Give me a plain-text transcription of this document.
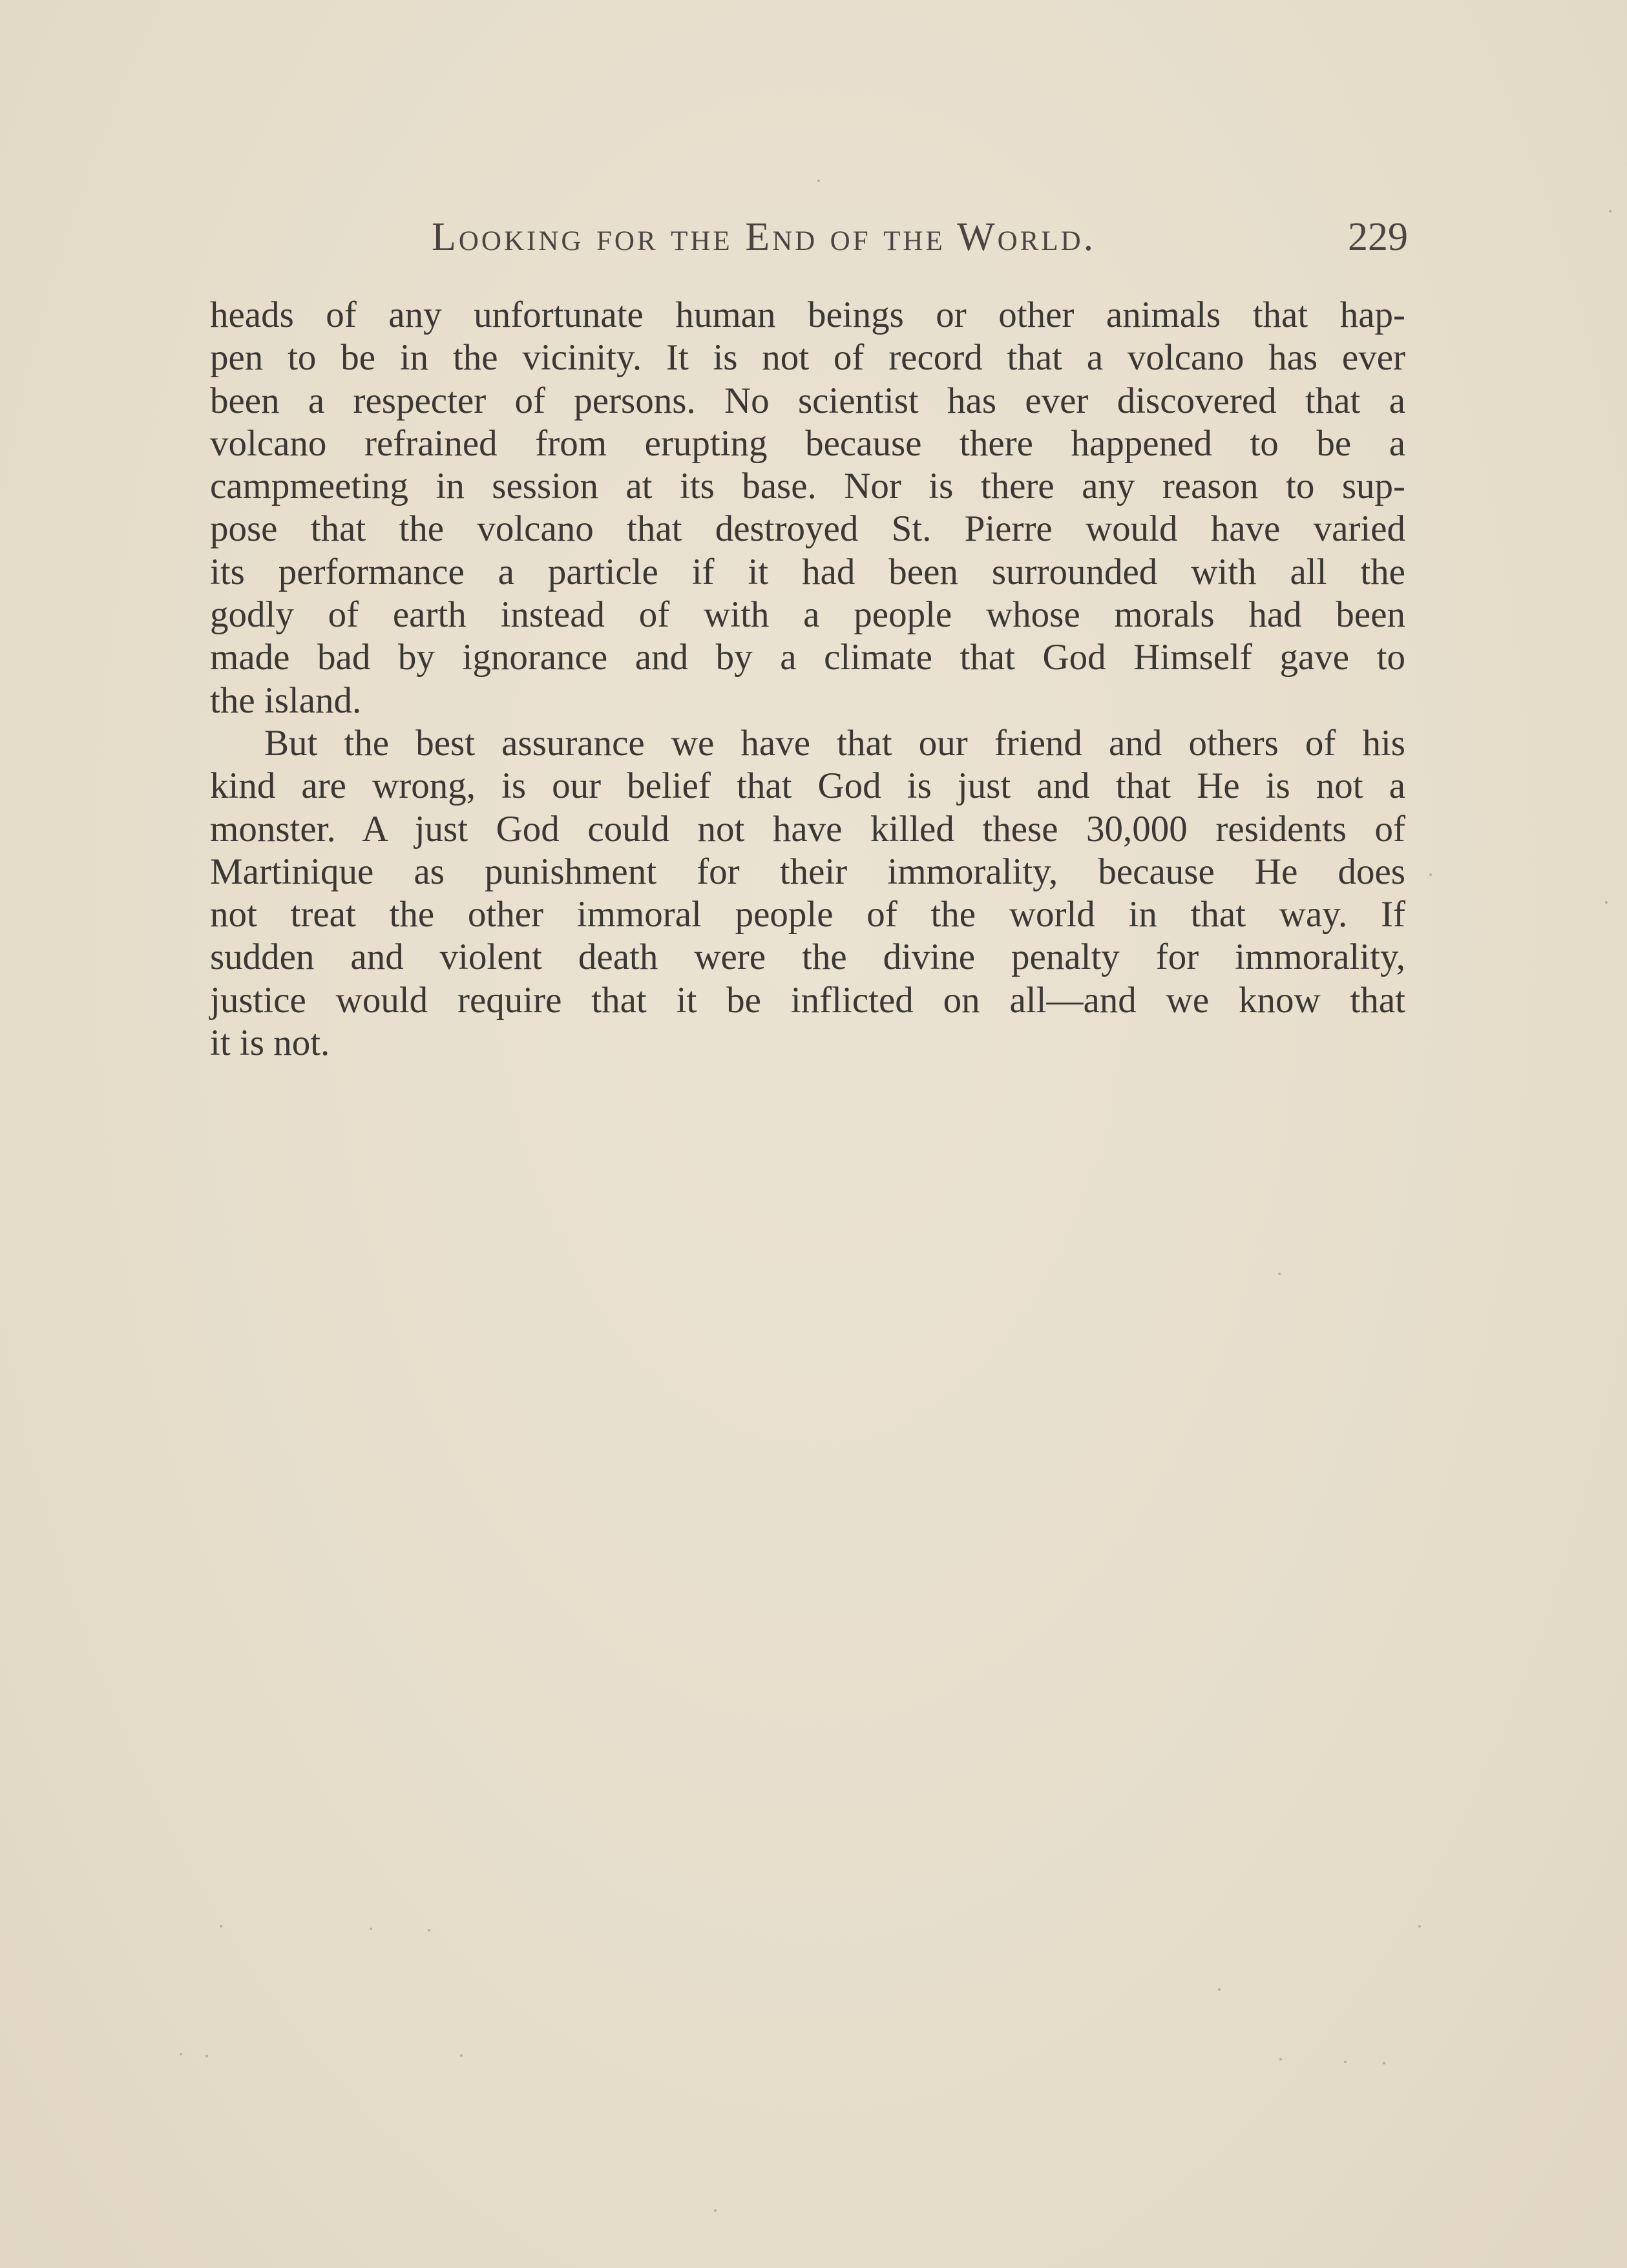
Looking for the End of the World.	229
heads of any unfortunate human beings or other animals that hap-
pen to be in the vicinity. It is not of record that a volcano has ever
been a respecter of persons. No scientist has ever discovered that a
volcano refrained from erupting because there happened to be a
campmeeting in session at its base. Nor is there any reason to sup-
pose that the volcano that destroyed St. Pierre would have varied
its performance a particle if it had been surrounded with all the
godly of earth instead of with a people whose morals had been
made bad by ignorance and by a climate that God Himself gave to
the island.
But the best assurance we have that our friend and others of his
kind are wrong, is our belief that God is just and that He is not a
monster. A just God could not have killed these 30,000 residents of
Martinique as punishment for their immorality, because He does
not treat the other immoral people of the world in that way. If
sudden and violent death were the divine penalty for immorality,
justice would require that it be inflicted on all—and we know that
it is not.
